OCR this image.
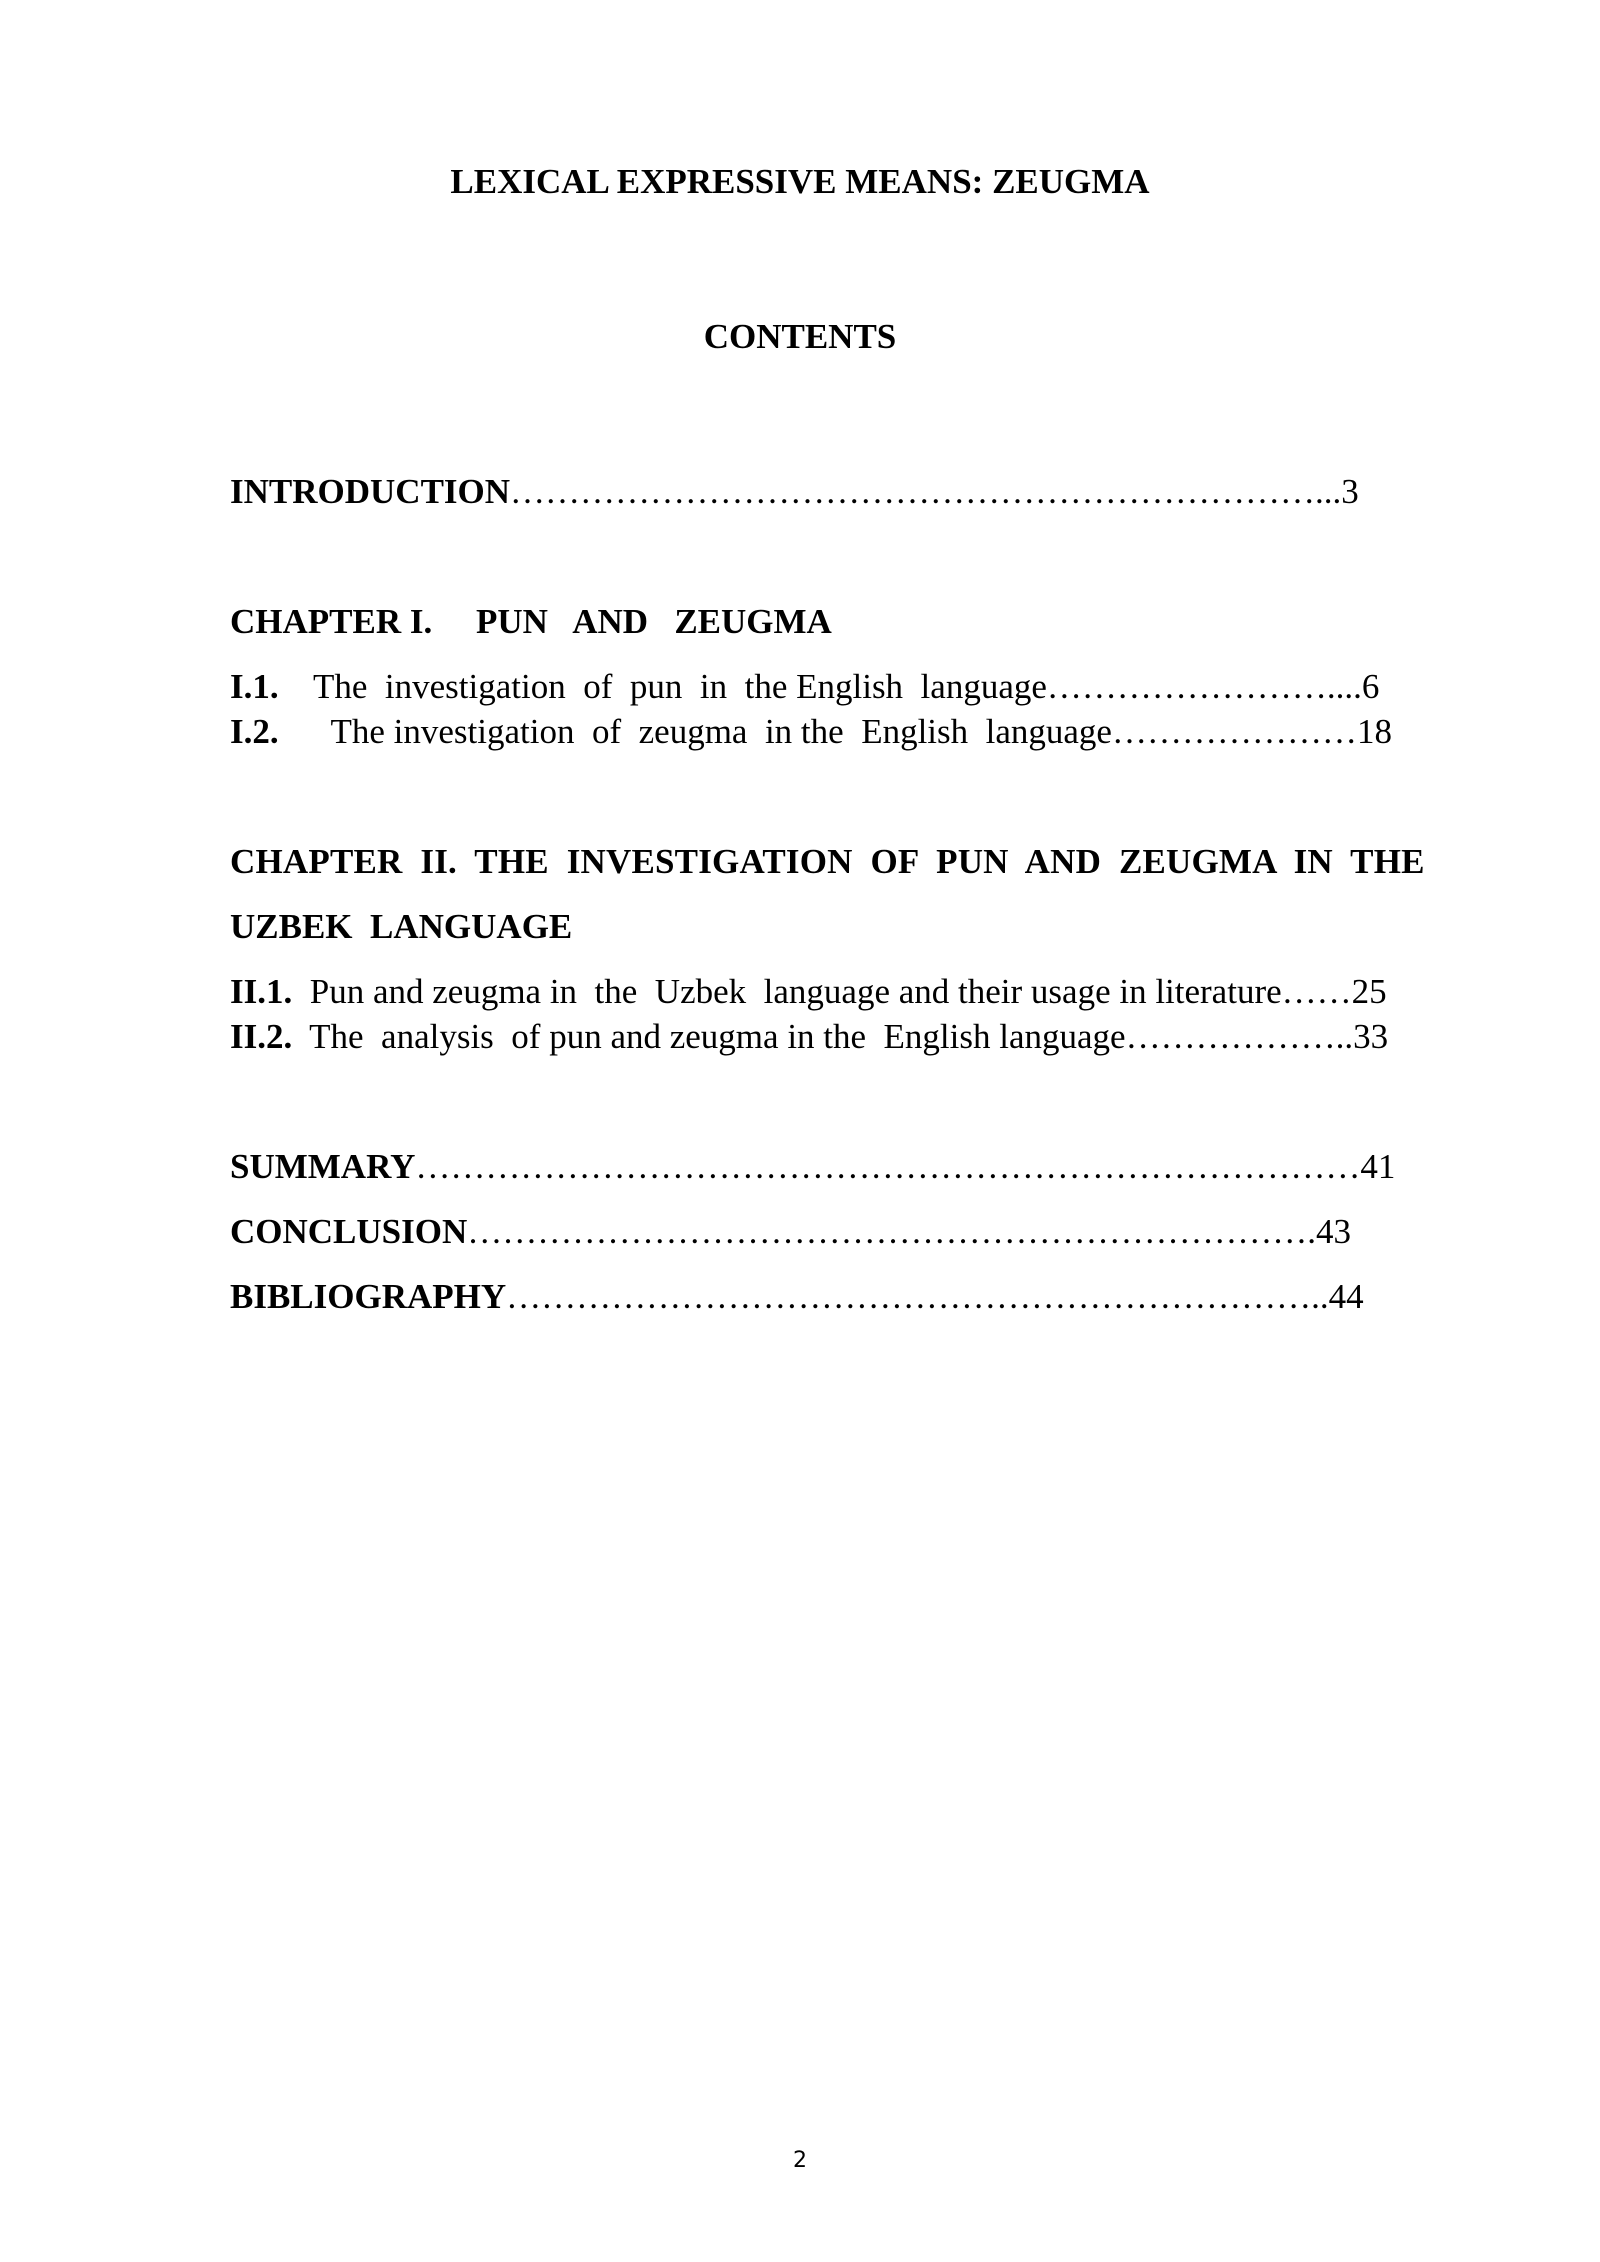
LEXICAL EXPRESSIVE MEANS: ZEUGMA
CONTENTS
INTRODUCTION……………………………………………………………...3
CHAPTER I. PUN   AND   ZEUGMA
I.1. The  investigation  of  pun  in  the English  language……………………....6
I.2. The investigation  of  zeugma  in the  English  language…………………18
CHAPTER  II.  THE  INVESTIGATION  OF  PUN  AND  ZEUGMA  IN  THE
UZBEK  LANGUAGE
II.1. Pun and zeugma in  the  Uzbek  language and their usage in literature……25
II.2. The  analysis  of pun and zeugma in the  English language………………..33
SUMMARY………………………………………………………………………41
CONCLUSION……………………………………………………………….43
BIBLIOGRAPHY……………………………………………………………..44
2
